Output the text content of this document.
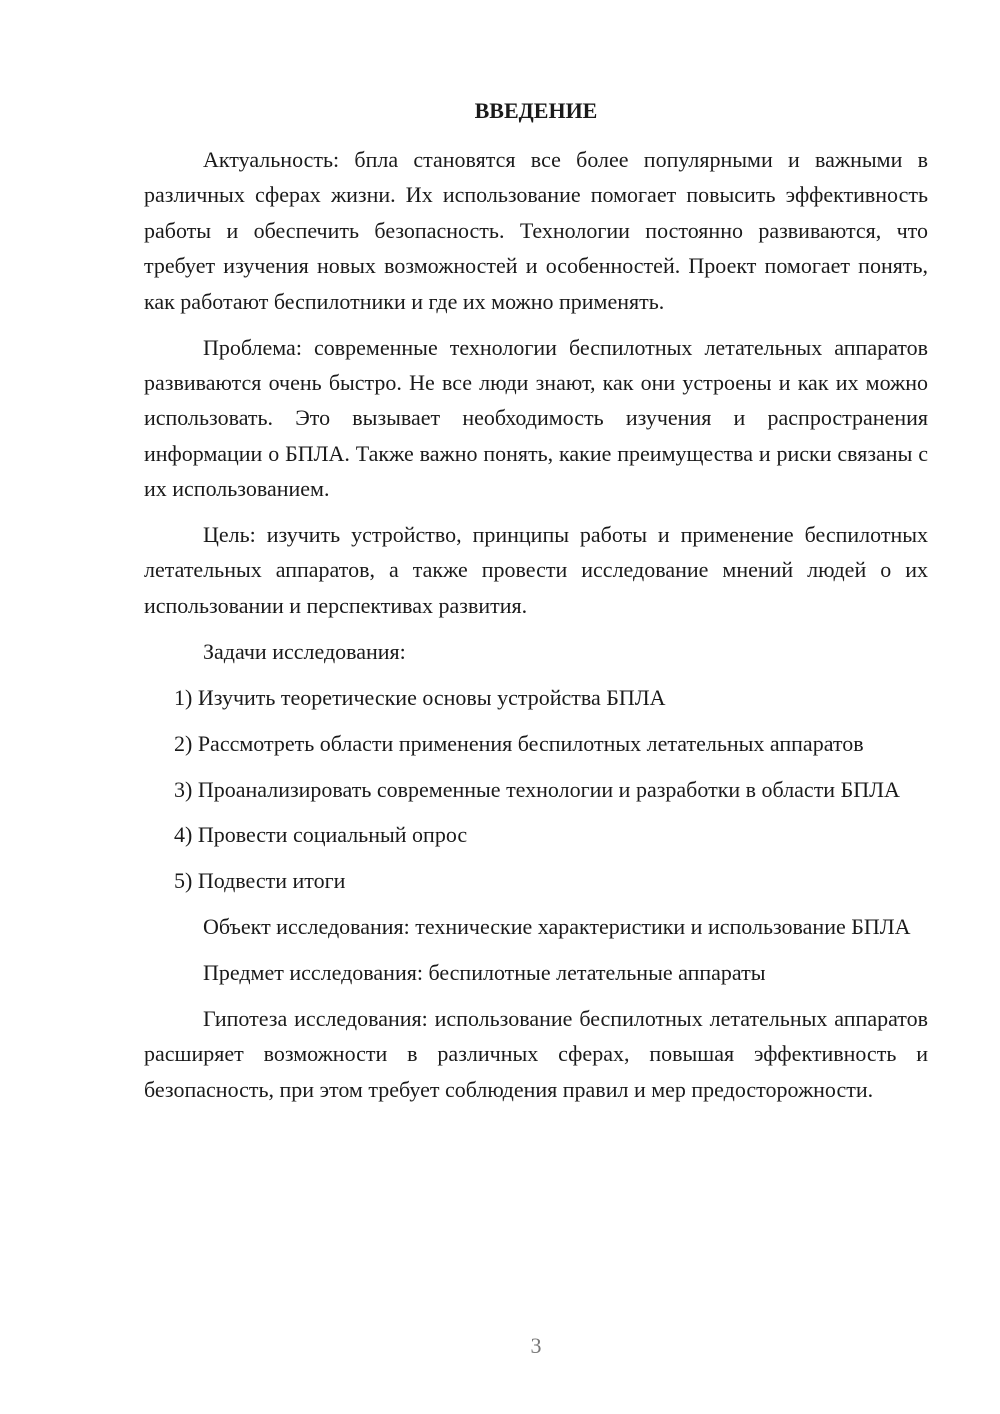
ВВЕДЕНИЕ

Актуальность: бпла становятся все более популярными и важными в различных сферах жизни. Их использование помогает повысить эффективность работы и обеспечить безопасность. Технологии постоянно развиваются, что требует изучения новых возможностей и особенностей. Проект помогает понять, как работают беспилотники и где их можно применять.

Проблема: современные технологии беспилотных летательных аппаратов развиваются очень быстро. Не все люди знают, как они устроены и как их можно использовать. Это вызывает необходимость изучения и распространения информации о БПЛА. Также важно понять, какие преимущества и риски связаны с их использованием.

Цель: изучить устройство, принципы работы и применение беспилотных летательных аппаратов, а также провести исследование мнений людей о их использовании и перспективах развития.

Задачи исследования:

1) Изучить теоретические основы устройства БПЛА

2) Рассмотреть области применения беспилотных летательных аппаратов

3) Проанализировать современные технологии и разработки в области БПЛА

4) Провести социальный опрос

5) Подвести итоги

Объект исследования: технические характеристики и использование БПЛА

Предмет исследования: беспилотные летательные аппараты

Гипотеза исследования: использование беспилотных летательных аппаратов расширяет возможности в различных сферах, повышая эффективность и безопасность, при этом требует соблюдения правил и мер предосторожности.

3
